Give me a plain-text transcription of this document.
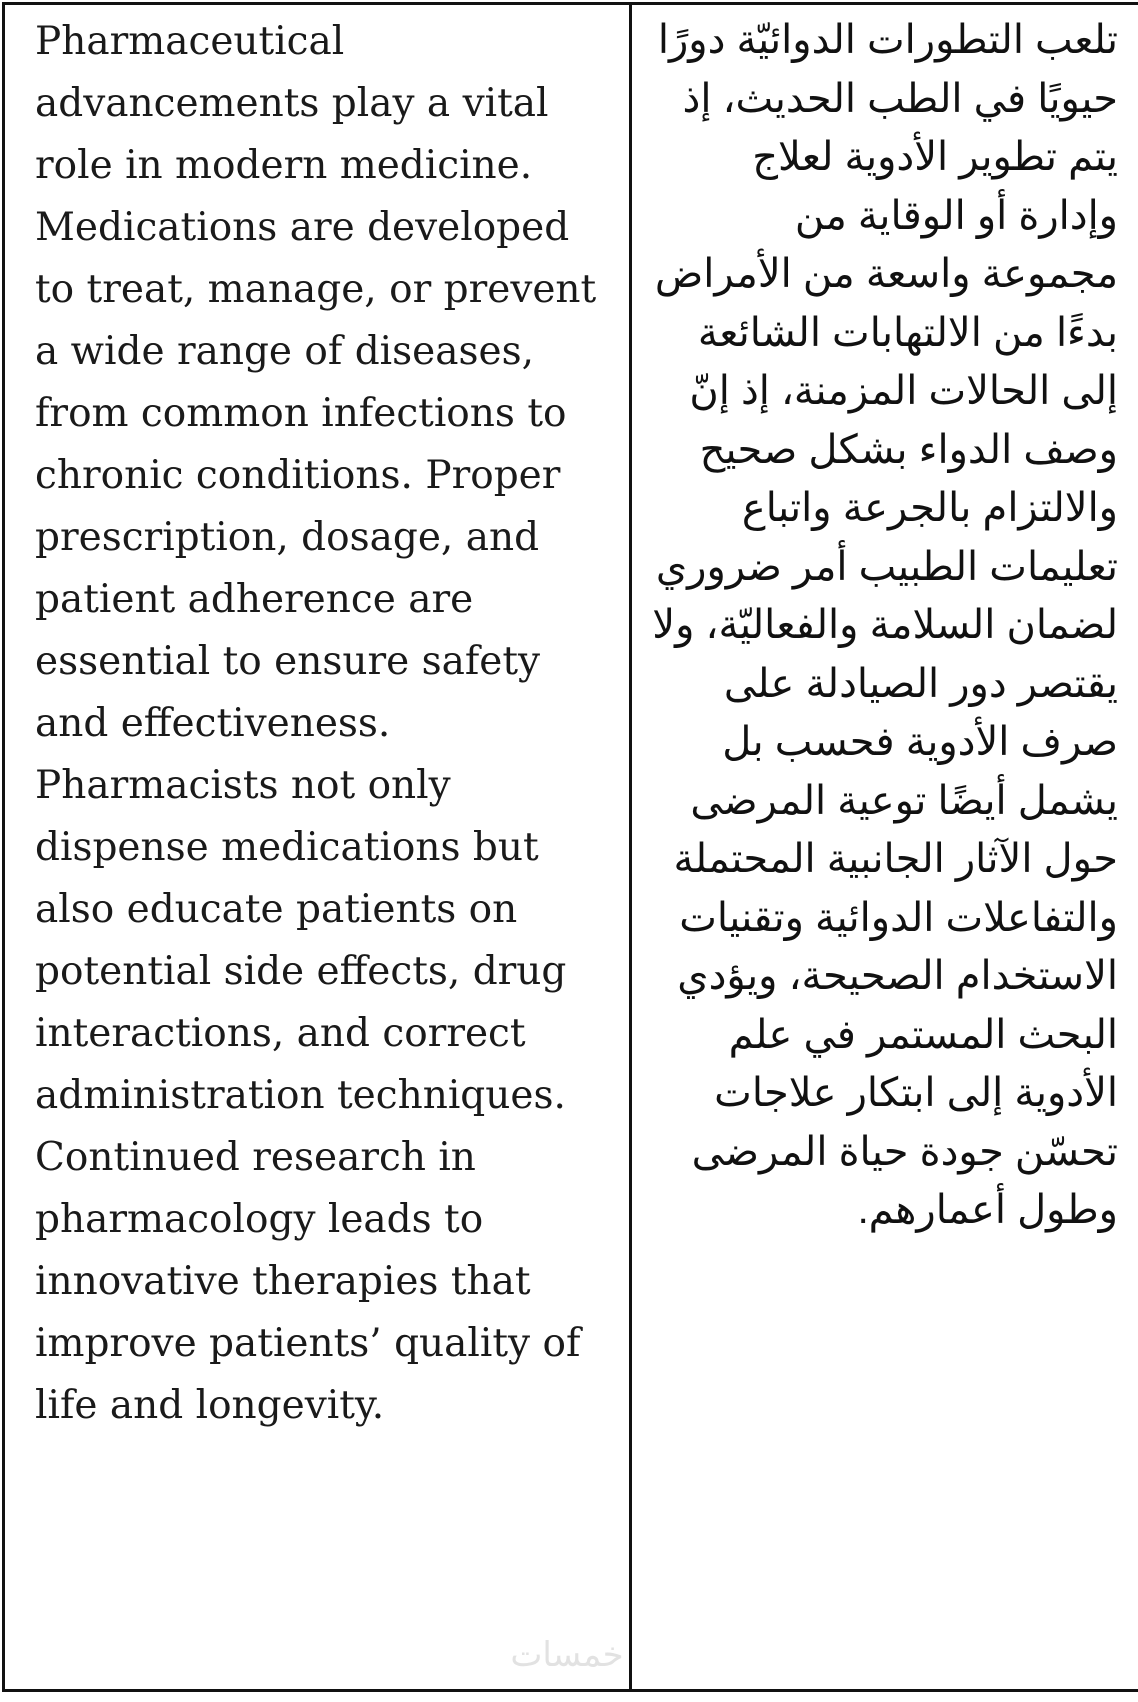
Pharmaceutical advancements play a vital role in modern medicine. Medications are developed to treat, manage, or prevent a wide range of diseases, from common infections to chronic conditions. Proper prescription, dosage, and patient adherence are essential to ensure safety and effectiveness. Pharmacists not only dispense medications but also educate patients on potential side effects, drug interactions, and correct administration techniques. Continued research in pharmacology leads to innovative therapies that improve patients’ quality of life and longevity.

تلعب التطورات الدوائيّة دورًا حيويًا في الطب الحديث، إذ يتم تطوير الأدوية لعلاج وإدارة أو الوقاية من مجموعة واسعة من الأمراض بدءًا من الالتهابات الشائعة إلى الحالات المزمنة، إذ إنّ وصف الدواء بشكل صحيح والالتزام بالجرعة واتباع تعليمات الطبيب أمر ضروري لضمان السلامة والفعاليّة، ولا يقتصر دور الصيادلة على صرف الأدوية فحسب بل يشمل أيضًا توعية المرضى حول الآثار الجانبية المحتملة والتفاعلات الدوائية وتقنيات الاستخدام الصحيحة، ويؤدي البحث المستمر في علم الأدوية إلى ابتكار علاجات تحسّن جودة حياة المرضى وطول أعمارهم.

خمسات
